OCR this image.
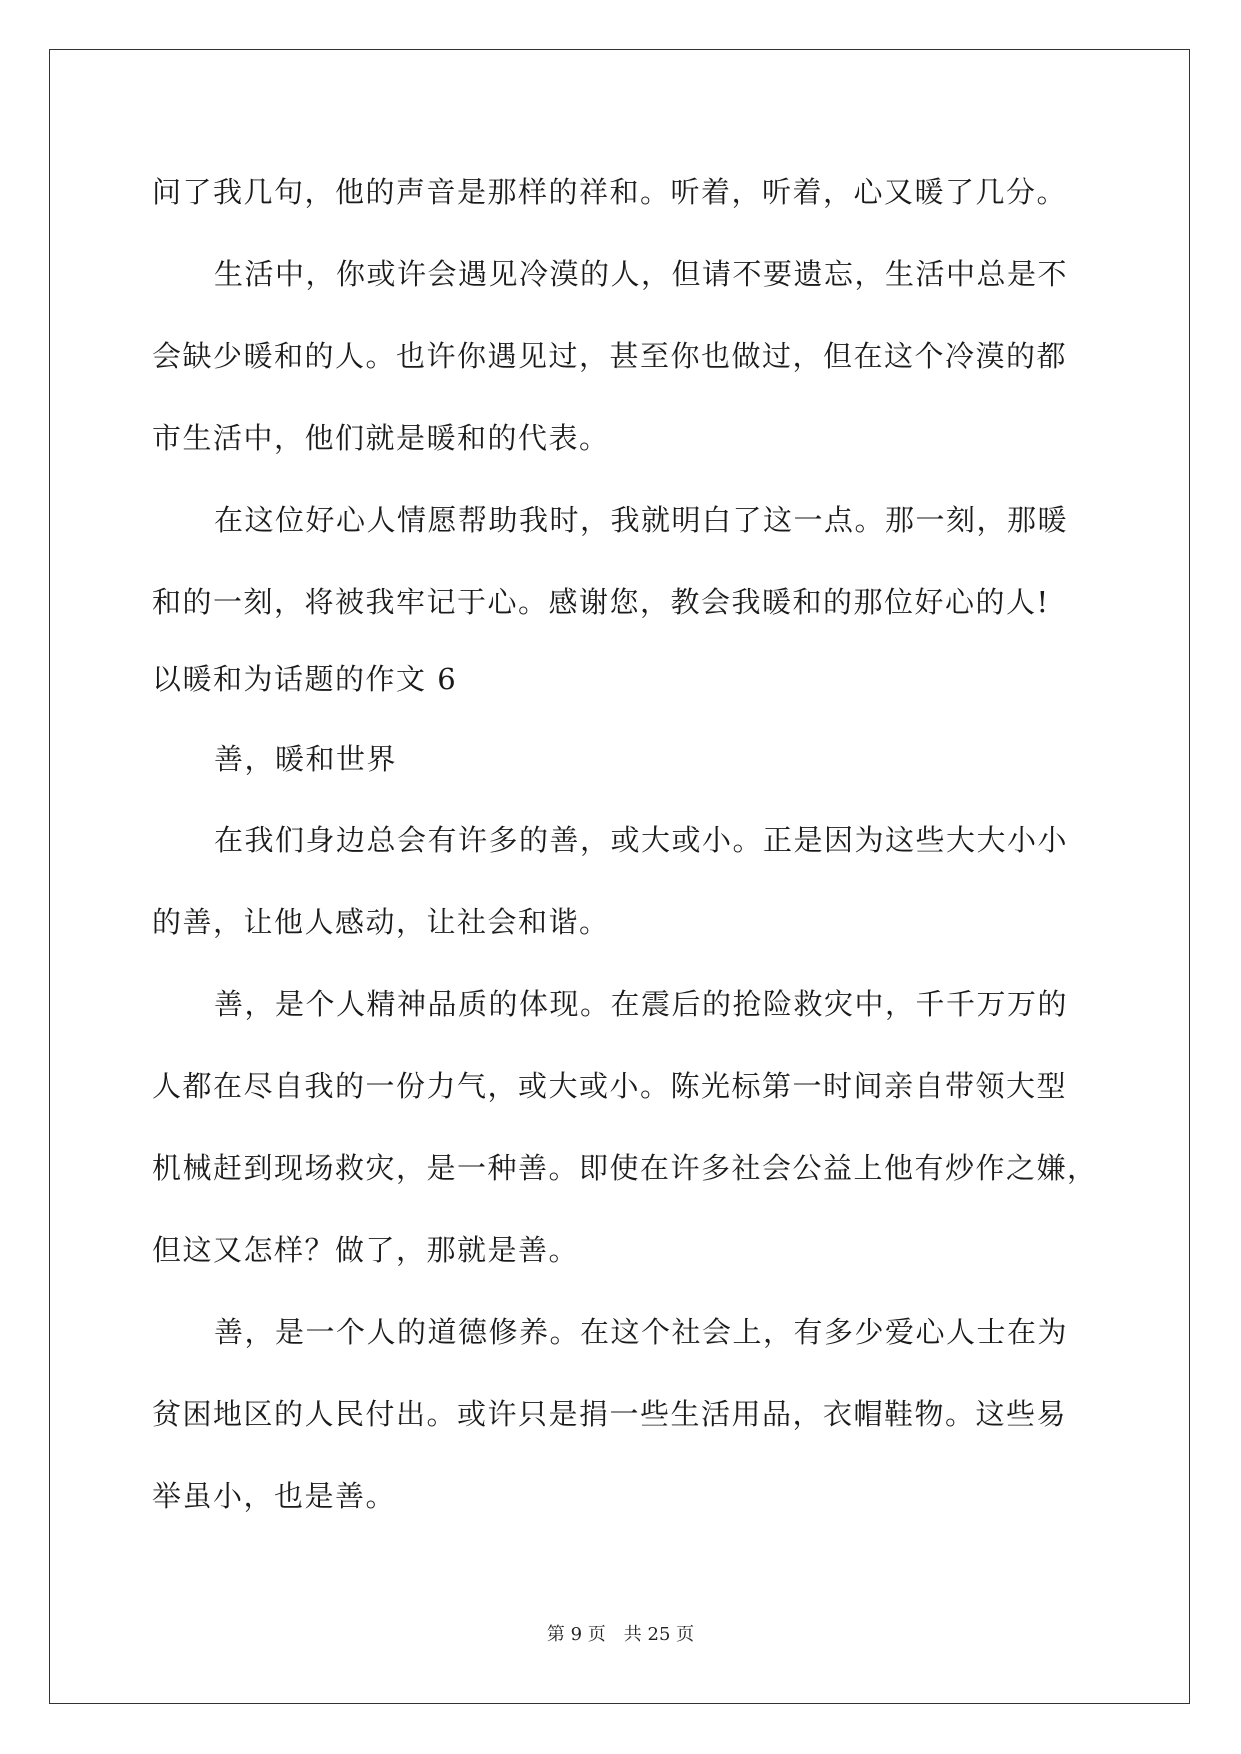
问了我几句，他的声音是那样的祥和。听着，听着，心又暖了几分。
生活中，你或许会遇见冷漠的人，但请不要遗忘，生活中总是不
会缺少暖和的人。也许你遇见过，甚至你也做过，但在这个冷漠的都
市生活中，他们就是暖和的代表。
在这位好心人情愿帮助我时，我就明白了这一点。那一刻，那暖
和的一刻，将被我牢记于心。感谢您，教会我暖和的那位好心的人!
以暖和为话题的作文 6
善，暖和世界
在我们身边总会有许多的善，或大或小。正是因为这些大大小小
的善，让他人感动，让社会和谐。
善，是个人精神品质的体现。在震后的抢险救灾中，千千万万的
人都在尽自我的一份力气，或大或小。陈光标第一时间亲自带领大型
机械赶到现场救灾，是一种善。即使在许多社会公益上他有炒作之嫌，
但这又怎样？做了，那就是善。
善，是一个人的道德修养。在这个社会上，有多少爱心人士在为
贫困地区的人民付出。或许只是捐一些生活用品，衣帽鞋物。这些易
举虽小，也是善。
第 9 页　共 25 页
